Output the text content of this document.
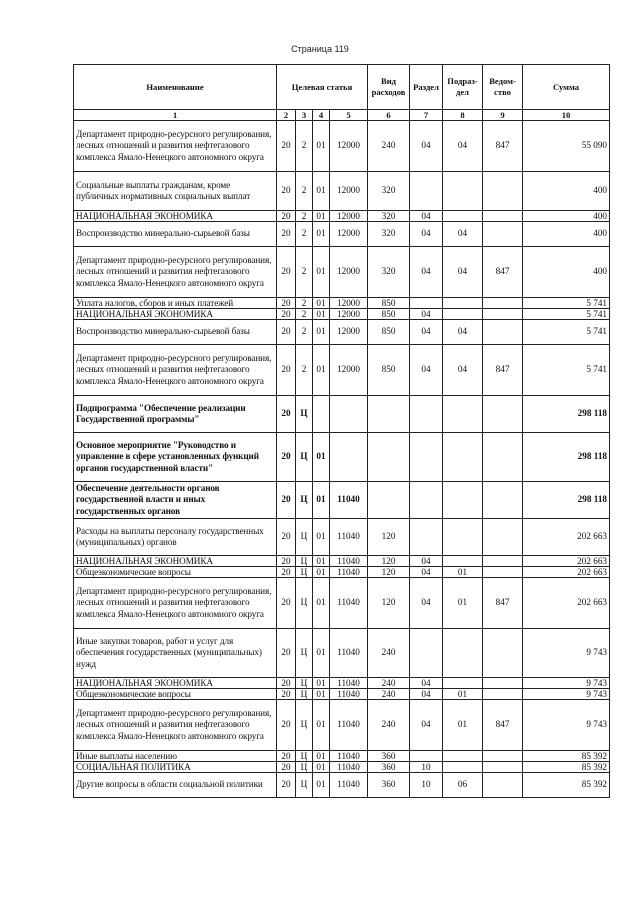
Страница 119
Наименование	Целевая статья				Вид расходов	Раздел	Подраз-дел	Ведом-ство	Сумма
1	2	3	4	5	6	7	8	9	10
Департамент природно-ресурсного регулирования, лесных отношений и развития нефтегазового комплекса Ямало-Ненецкого автономного округа	20	2	01	12000	240	04	04	847	55 090
Социальные выплаты гражданам, кроме публичных нормативных социальных выплат	20	2	01	12000	320				400
НАЦИОНАЛЬНАЯ ЭКОНОМИКА	20	2	01	12000	320	04			400
Воспроизводство минерально-сырьевой базы	20	2	01	12000	320	04	04		400
Департамент природно-ресурсного регулирования, лесных отношений и развития нефтегазового комплекса Ямало-Ненецкого автономного округа	20	2	01	12000	320	04	04	847	400
Уплата налогов, сборов и иных платежей	20	2	01	12000	850				5 741
НАЦИОНАЛЬНАЯ ЭКОНОМИКА	20	2	01	12000	850	04			5 741
Воспроизводство минерально-сырьевой базы	20	2	01	12000	850	04	04		5 741
Департамент природно-ресурсного регулирования, лесных отношений и развития нефтегазового комплекса Ямало-Ненецкого автономного округа	20	2	01	12000	850	04	04	847	5 741
Подпрограмма "Обеспечение реализации Государственной программы"	20	Ц							298 118
Основное мероприятие "Руководство и управление в сфере установленных функций органов государственной власти"	20	Ц	01						298 118
Обеспечение деятельности органов государственной власти и иных государственных органов	20	Ц	01	11040					298 118
Расходы на выплаты персоналу государственных (муниципальных) органов	20	Ц	01	11040	120				202 663
НАЦИОНАЛЬНАЯ ЭКОНОМИКА	20	Ц	01	11040	120	04			202 663
Общеэкономические вопросы	20	Ц	01	11040	120	04	01		202 663
Департамент природно-ресурсного регулирования, лесных отношений и развития нефтегазового комплекса Ямало-Ненецкого автономного округа	20	Ц	01	11040	120	04	01	847	202 663
Иные закупки товаров, работ и услуг для обеспечения государственных (муниципальных) нужд	20	Ц	01	11040	240				9 743
НАЦИОНАЛЬНАЯ ЭКОНОМИКА	20	Ц	01	11040	240	04			9 743
Общеэкономические вопросы	20	Ц	01	11040	240	04	01		9 743
Департамент природно-ресурсного регулирования, лесных отношений и развития нефтегазового комплекса Ямало-Ненецкого автономного округа	20	Ц	01	11040	240	04	01	847	9 743
Иные выплаты населению	20	Ц	01	11040	360				85 392
СОЦИАЛЬНАЯ ПОЛИТИКА	20	Ц	01	11040	360	10			85 392
Другие вопросы в области социальной политики	20	Ц	01	11040	360	10	06		85 392
